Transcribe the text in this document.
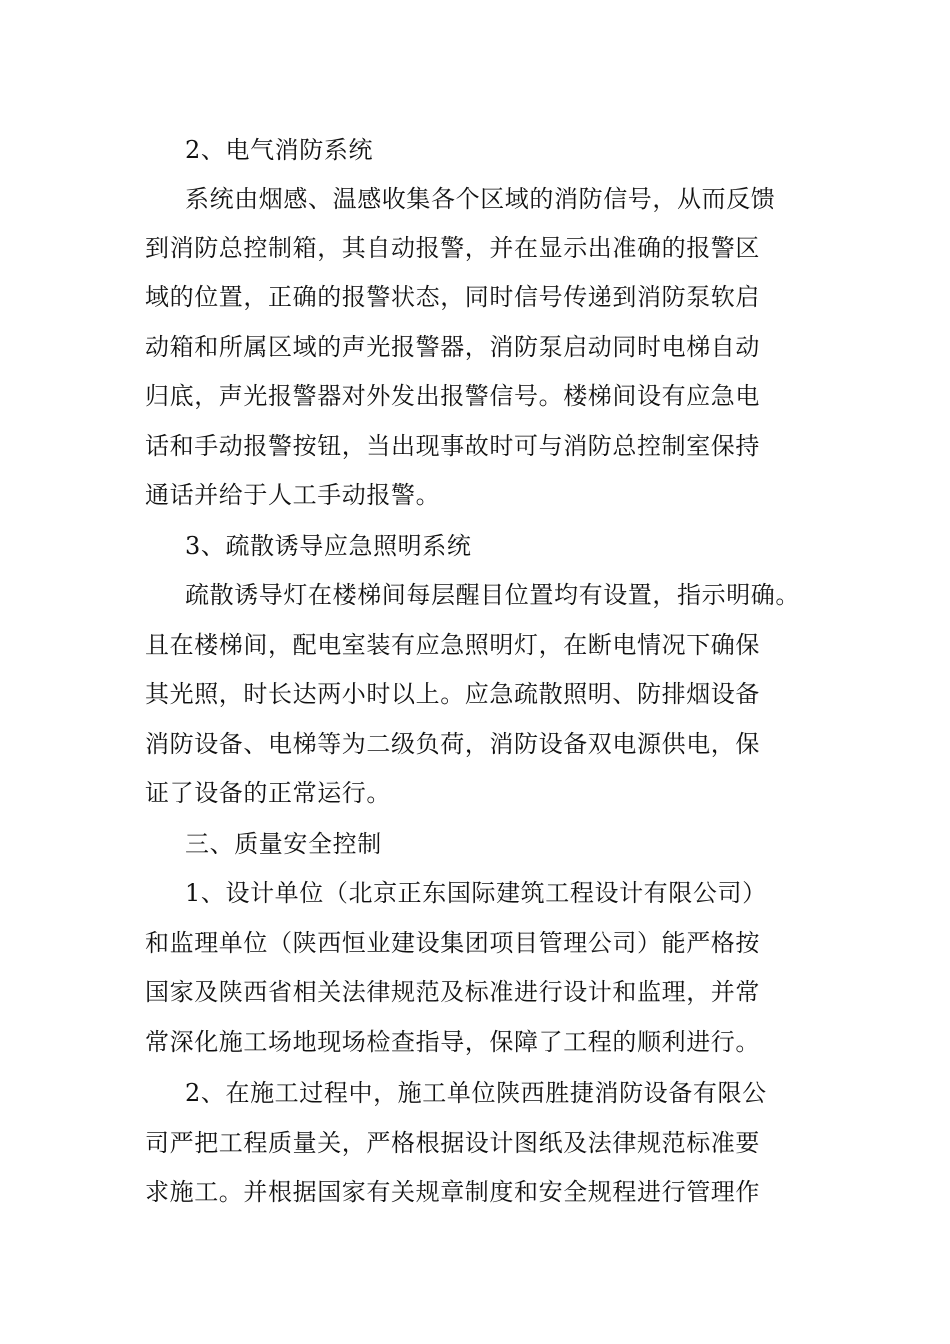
2、电气消防系统
系统由烟感、温感收集各个区域的消防信号，从而反馈
到消防总控制箱，其自动报警，并在显示出准确的报警区
域的位置，正确的报警状态，同时信号传递到消防泵软启
动箱和所属区域的声光报警器，消防泵启动同时电梯自动
归底，声光报警器对外发出报警信号。楼梯间设有应急电
话和手动报警按钮，当出现事故时可与消防总控制室保持
通话并给于人工手动报警。
3、疏散诱导应急照明系统
疏散诱导灯在楼梯间每层醒目位置均有设置，指示明确。
且在楼梯间，配电室装有应急照明灯，在断电情况下确保
其光照，时长达两小时以上。应急疏散照明、防排烟设备
消防设备、电梯等为二级负荷，消防设备双电源供电，保
证了设备的正常运行。
三、质量安全控制
1、设计单位（北京正东国际建筑工程设计有限公司）
和监理单位（陕西恒业建设集团项目管理公司）能严格按
国家及陕西省相关法律规范及标准进行设计和监理，并常
常深化施工场地现场检查指导，保障了工程的顺利进行。
2、在施工过程中，施工单位陕西胜捷消防设备有限公
司严把工程质量关，严格根据设计图纸及法律规范标准要
求施工。并根据国家有关规章制度和安全规程进行管理作
